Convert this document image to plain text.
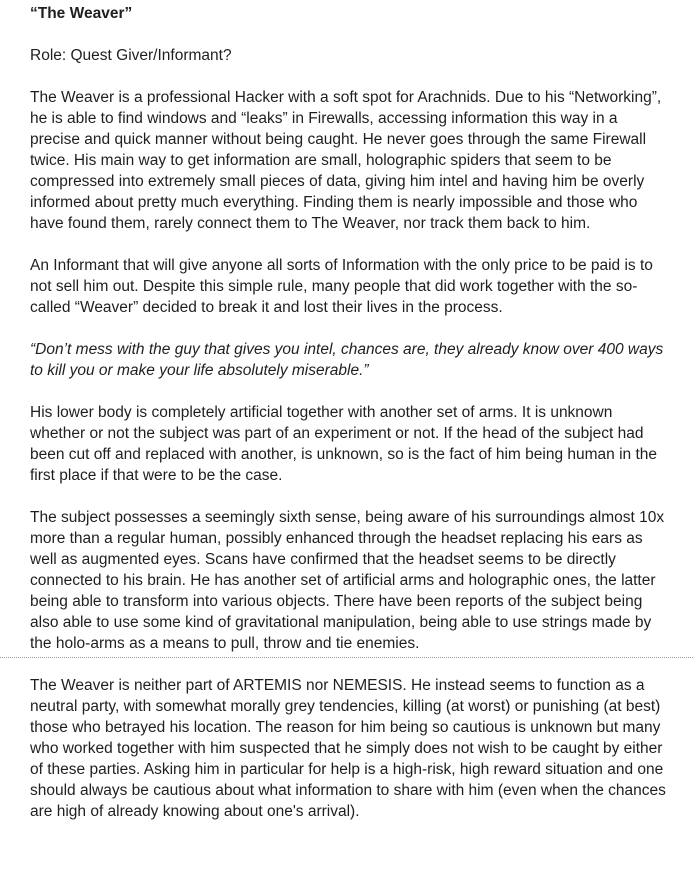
“The Weaver”

Role: Quest Giver/Informant?

The Weaver is a professional Hacker with a soft spot for Arachnids. Due to his “Networking”, he is able to find windows and “leaks” in Firewalls, accessing information this way in a precise and quick manner without being caught. He never goes through the same Firewall twice. His main way to get information are small, holographic spiders that seem to be compressed into extremely small pieces of data, giving him intel and having him be overly informed about pretty much everything. Finding them is nearly impossible and those who have found them, rarely connect them to The Weaver, nor track them back to him.

An Informant that will give anyone all sorts of Information with the only price to be paid is to not sell him out. Despite this simple rule, many people that did work together with the so-called “Weaver” decided to break it and lost their lives in the process.

“Don’t mess with the guy that gives you intel, chances are, they already know over 400 ways to kill you or make your life absolutely miserable.”

His lower body is completely artificial together with another set of arms. It is unknown whether or not the subject was part of an experiment or not. If the head of the subject had been cut off and replaced with another, is unknown, so is the fact of him being human in the first place if that were to be the case.

The subject possesses a seemingly sixth sense, being aware of his surroundings almost 10x more than a regular human, possibly enhanced through the headset replacing his ears as well as augmented eyes. Scans have confirmed that the headset seems to be directly connected to his brain. He has another set of artificial arms and holographic ones, the latter being able to transform into various objects. There have been reports of the subject being also able to use some kind of gravitational manipulation, being able to use strings made by the holo-arms as a means to pull, throw and tie enemies.

The Weaver is neither part of ARTEMIS nor NEMESIS. He instead seems to function as a neutral party, with somewhat morally grey tendencies, killing (at worst) or punishing (at best) those who betrayed his location. The reason for him being so cautious is unknown but many who worked together with him suspected that he simply does not wish to be caught by either of these parties. Asking him in particular for help is a high-risk, high reward situation and one should always be cautious about what information to share with him (even when the chances are high of already knowing about one's arrival).
